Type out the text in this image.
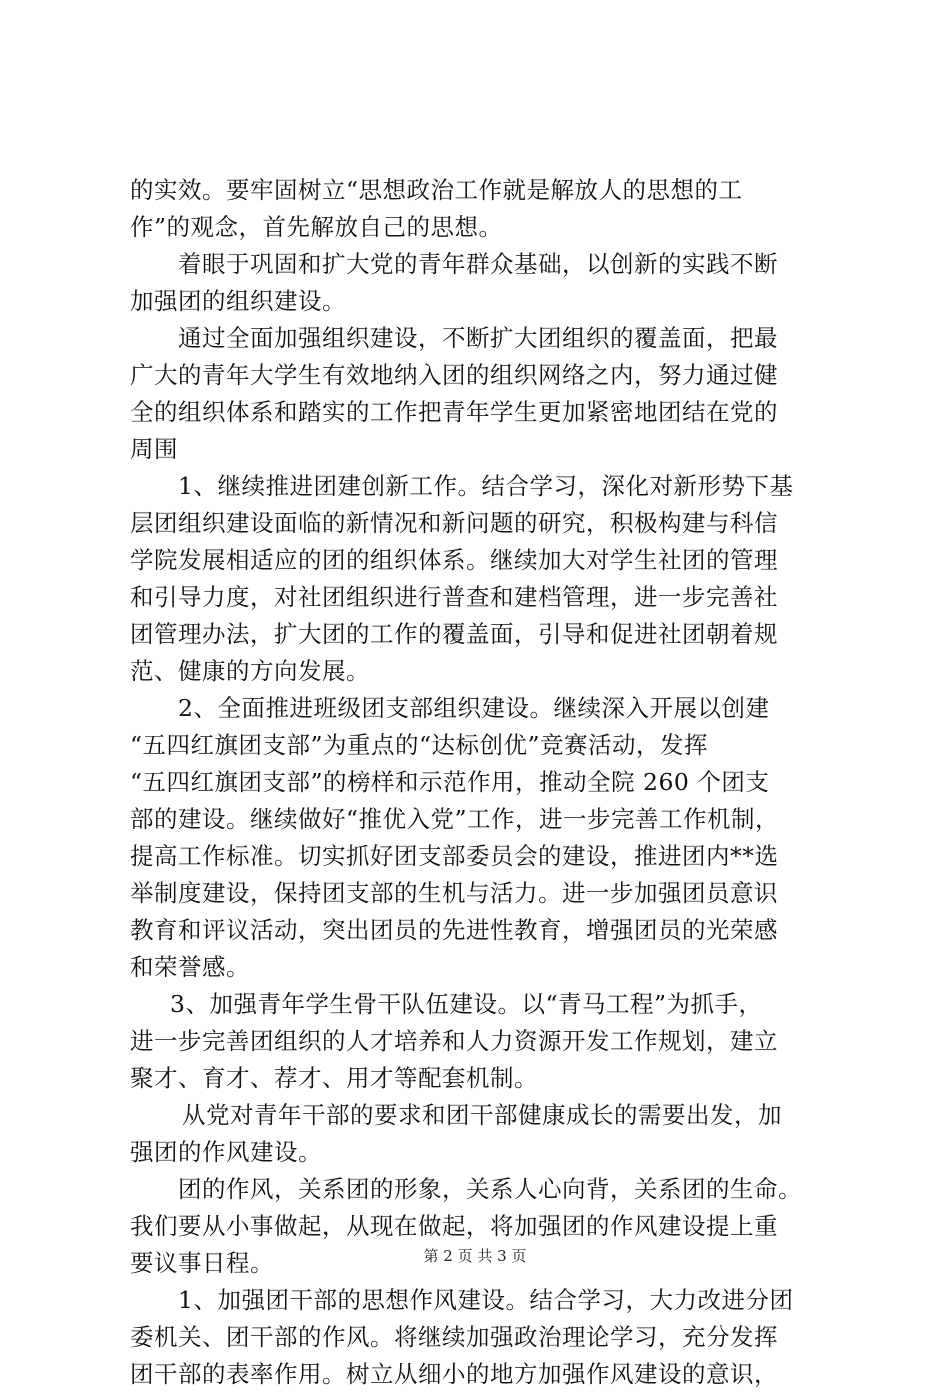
的实效。要牢固树立“思想政治工作就是解放人的思想的工
作”的观念，首先解放自己的思想。
着眼于巩固和扩大党的青年群众基础，以创新的实践不断
加强团的组织建设。
通过全面加强组织建设，不断扩大团组织的覆盖面，把最
广大的青年大学生有效地纳入团的组织网络之内，努力通过健
全的组织体系和踏实的工作把青年学生更加紧密地团结在党的
周围
1、继续推进团建创新工作。结合学习，深化对新形势下基
层团组织建设面临的新情况和新问题的研究，积极构建与科信
学院发展相适应的团的组织体系。继续加大对学生社团的管理
和引导力度，对社团组织进行普查和建档管理，进一步完善社
团管理办法，扩大团的工作的覆盖面，引导和促进社团朝着规
范、健康的方向发展。
2、全面推进班级团支部组织建设。继续深入开展以创建
“五四红旗团支部”为重点的“达标创优”竞赛活动，发挥
“五四红旗团支部”的榜样和示范作用，推动全院 260 个团支
部的建设。继续做好“推优入党”工作，进一步完善工作机制，
提高工作标准。切实抓好团支部委员会的建设，推进团内**选
举制度建设，保持团支部的生机与活力。进一步加强团员意识
教育和评议活动，突出团员的先进性教育，增强团员的光荣感
和荣誉感。
3、加强青年学生骨干队伍建设。以“青马工程”为抓手，
进一步完善团组织的人才培养和人力资源开发工作规划，建立
聚才、育才、荐才、用才等配套机制。
从党对青年干部的要求和团干部健康成长的需要出发，加
强团的作风建设。
团的作风，关系团的形象，关系人心向背，关系团的生命。
我们要从小事做起，从现在做起，将加强团的作风建设提上重
要议事日程。
1、加强团干部的思想作风建设。结合学习，大力改进分团
委机关、团干部的作风。将继续加强政治理论学习，充分发挥
团干部的表率作用。树立从细小的地方加强作风建设的意识，
第 2 页 共 3 页
